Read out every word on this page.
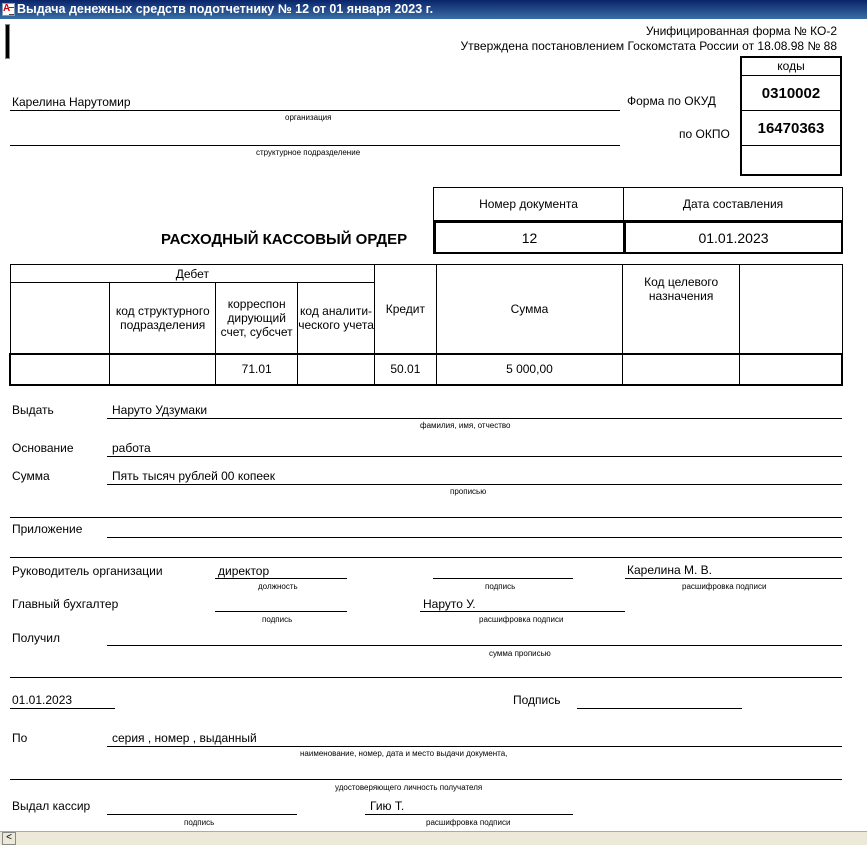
A
Выдача денежных средств подотчетнику № 12 от 01 января 2023 г.
Унифицированная форма № КО-2
Утверждена постановлением Госкомстата России от 18.08.98 № 88
коды
0310002
16470363
Форма по ОКУД
по ОКПО
Карелина Нарутомир
организация
структурное подразделение
Номер документа	Дата составления
12	01.01.2023
РАСХОДНЫЙ КАССОВЫЙ ОРДЕР
Дебет				Кредит	Сумма	Код целевого назначения	
	код структурного подразделения	корреспон дирующий счет, субсчет	код аналити- ческого учета				
		71.01		50.01	5 000,00		
Выдать	Наруто Удзумаки
фамилия, имя, отчество
Основание	работа
Сумма	Пять тысяч рублей 00 копеек
прописью
Приложение
Руководитель организации	директор
должность	подпись
Карелина М. В.
расшифровка подписи
Главный бухгалтер
подпись
Наруто У.
расшифровка подписи
Получил
сумма прописью
01.01.2023	Подпись
По	серия , номер , выданный
наименование, номер, дата и место выдачи документа,
удостоверяющего личность получателя
Выдал кассир
подпись
Гию Т.
расшифровка подписи
<
